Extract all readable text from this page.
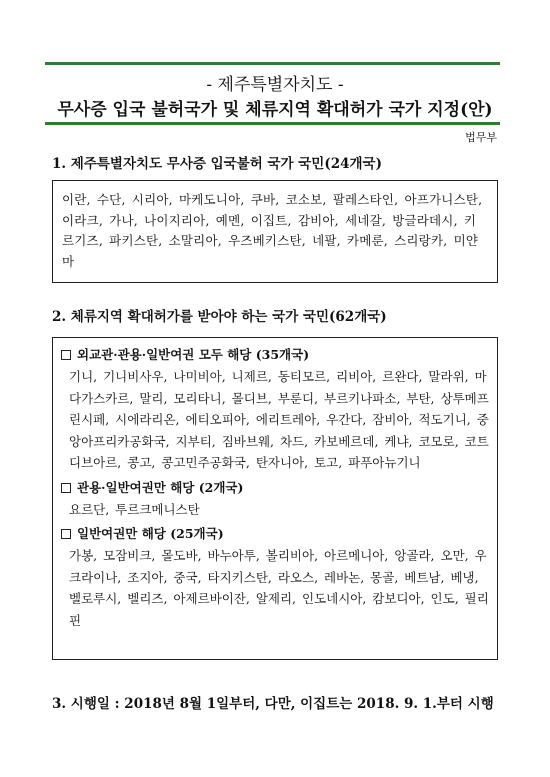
- 제주특별자치도 -
무사증 입국 불허국가 및 체류지역 확대허가 국가 지정(안)
법무부
1. 제주특별자치도 무사증 입국불허 국가 국민(24개국)
이란, 수단, 시리아, 마케도니아, 쿠바, 코소보, 팔레스타인, 아프가니스탄, 이라크, 가나, 나이지리아, 예멘, 이집트, 감비아, 세네갈, 방글라데시, 키르기즈, 파키스탄, 소말리아, 우즈베키스탄, 네팔, 카메룬, 스리랑카, 미얀마
2. 체류지역 확대허가를 받아야 하는 국가 국민(62개국)
외교관·관용·일반여권 모두 해당 (35개국)
기니, 기니비사우, 나미비아, 니제르, 동티모르, 리비아, 르완다, 말라위, 마다가스카르, 말리, 모리타니, 몰디브, 부룬디, 부르키나파소, 부탄, 상투메프린시페, 시에라리온, 에티오피아, 에리트레아, 우간다, 잠비아, 적도기니, 중앙아프리카공화국, 지부티, 짐바브웨, 차드, 카보베르데, 케냐, 코모로, 코트디브아르, 콩고, 콩고민주공화국, 탄자니아, 토고, 파푸아뉴기니
관용·일반여권만 해당 (2개국)
요르단, 투르크메니스탄
일반여권만 해당 (25개국)
가봉, 모잠비크, 몰도바, 바누아투, 볼리비아, 아르메니아, 앙골라, 오만, 우크라이나, 조지아, 중국, 타지키스탄, 라오스, 레바논, 몽골, 베트남, 베냉, 벨로루시, 벨리즈, 아제르바이잔, 알제리, 인도네시아, 캄보디아, 인도, 필리핀
3. 시행일 : 2018년 8월 1일부터, 다만, 이집트는 2018. 9. 1.부터 시행
